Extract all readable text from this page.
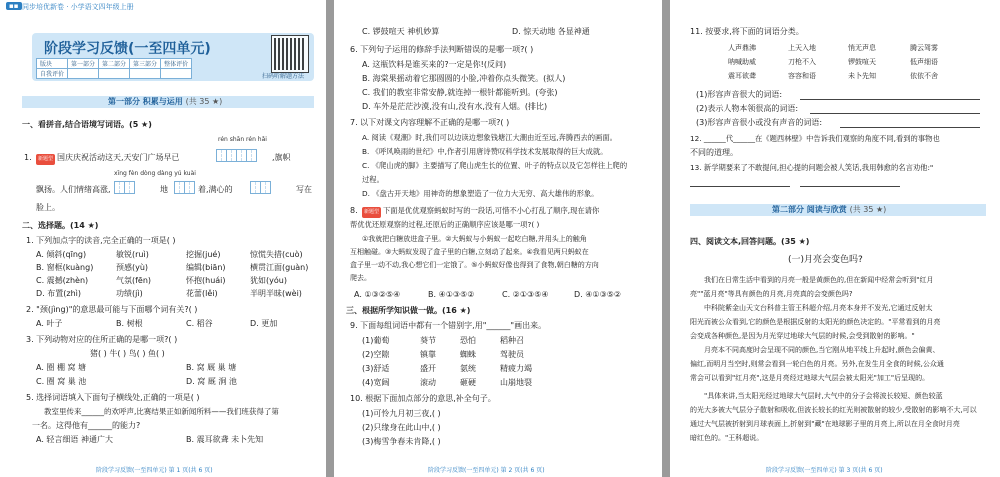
▪▪ 同步培优新卷 · 小学语文四年级上册
阶段学习反馈(一至四单元)
版块	第一部分	第二部分	第三部分	整体评价
自我评价					扫码听解题方法
第一部分 积累与运用 (共 35 ★)
一、看拼音,结合语境写词语。(5 ★)
1.	新题型 国庆庆祝活动这天,天安门广场早已
rén shān rén hǎi
,旗帜
xīng fèn dòng dàng yú kuài
飘扬。人们情绪高涨,	地	着,满心的	写在
脸上。
二、选择题。(14 ★)
1. 下列加点字的读音,完全正确的一项是( )
A. 倾斜(qīng)	敏锐(ruì)	挖掘(jué)	惊慌失措(cuò)
B. 窗框(kuàng)	预感(yù)	编辑(biān)	横贯江面(guàn)
C. 震撼(zhèn)	气氛(fēn)	怀抱(huái)	犹如(yóu)
D. 布置(zhì)	功绩(jì)	花蕾(lěi)	半明半昧(wèi)
2. "颈(jìng)"的意思最可能与下面哪个词有关?( )
A. 叶子	B. 树根	C. 稻谷	D. 更加
3. 下列动物对应的住所正确的是哪一项?( )
猪( ) 牛( ) 鸟( ) 鱼( )
A. 圈 棚 窝 塘	B. 窝 厩 巢 塘
C. 圈 窝 巢 池	D. 窝 厩 涧 池
5. 选择词语填入下面句子横线处,正确的一项是( )
教室里传来______的欢呼声,比赛结果正如新闻所料——我们班获得了第
一名。这得他有______的能力?
A. 轻言细语 神通广大	B. 震耳欲聋 未卜先知
阶段学习反馈(一至四单元) 第 1 页(共 6 页)
C. 锣鼓喧天 神机妙算	D. 惊天动地 各显神通
6. 下列句子运用的修辞手法判断错误的是哪一项?( )
A. 这瓶饮料是谁买来的?一定是你!(反问)
B. 海棠果摇动着它那圆圆的小脸,冲着你点头微笑。(拟人)
C. 我们的教室非常安静,就连掉一根针都能听到。(夸张)
D. 车外是茫茫沙漠,没有山,没有水,没有人烟。(排比)
7. 以下对课文内容理解不正确的是哪一项?( )
A. 阅读《观潮》时,我们可以边读边想象钱塘江大潮由近至远,奔腾西去的画面。
B. 《呼风唤雨的世纪》中,作者引用唐诗赞叹科学技术发展取得的巨大成就。
C. 《爬山虎的脚》主要描写了爬山虎生长的位置、叶子的特点以及它怎样往上爬的
过程。
D. 《盘古开天地》用神奇的想象塑造了一位力大无穷、高大雄伟的形象。
8.	新题型 下面是优优观察蚂蚁时写的一段话,可惜不小心打乱了顺序,现在请你
帮优优还原观察的过程,还原后的正确顺序应该是哪一项?( )
①我就把白糖放进盒子里。②大蚂蚁与小蚂蚁一起吃白糖,并用头上的触角
互相触碰。③大蚂蚁发现了盒子里的白糖,立刻动了起来。④我看见两只蚂蚁在
盒子里一动不动,我心想它们一定饿了。⑤小蚂蚁好像也得到了食物,朝白糖的方向
爬去。
A. ①③②⑤④	B. ④①③⑤②	C. ②①③⑤④	D. ④①③⑤②
三、根据所学知识做一做。(16 ★)
9. 下面每组词语中都有一个错别字,用"______"画出来。
(1)葡萄	葵节	恐怕	稻种召
(2)空隙	镇靠	蜘蛛	驾驶员
(3)舒适	盛开	氨统	精疲力竭
(4)宽阔	滚动	砸硬	山崩地裂
10. 根据下面加点部分的意思,补全句子。
(1)可怜九月初三夜,( )
(2)只缘身在此山中,( )
(3)梅雪争春未肯降,( )
阶段学习反馈(一至四单元) 第 2 页(共 6 页)
11. 按要求,将下面的词语分类。
人声鼎沸	上天入地	悄无声息	腾云驾雾
呐喊助威	刀枪不入	锣鼓喧天	低声细语
震耳欲聋	容容和语	未卜先知	依依不舍
(1)形容声音很大的词语:
(2)表示人物本领很高的词语:
(3)形容声音很小或没有声音的词语:
12. ______代______在《题西林壁》中告诉我们观察的角度不同,看到的事物也
不同的道理。
13. 新学期要来了不敢提问,担心提的问题会被人笑话,我用韩愈的名言劝他:"
第二部分 阅读与欣赏 (共 35 ★)
四、阅读文本,回答问题。(35 ★)
(一)月亮会变色吗?
我们在日常生活中看到的月亮一般是黄颜色的,但在新闻中经常会听到"红月
亮""蓝月亮"等具有颜色的月亮,月亮真的会变颜色吗?
中科院紫金山天文台科普主管王科超介绍,月亮本身并不发光,它通过反射太
阳光而被公众看到,它的颜色是根据反射的太阳光的颜色决定的。"平常看到的月亮
会变成各种颜色,是因为月光穿过地球大气层的时候,会受到散射的影响。"
月亮本不同高度时会呈现不同的颜色,当它刚从地平线上升起时,颜色会偏黄、
偏红,而明月当空时,则常会看到一轮白色的月亮。另外,在发生月全食的时候,公众通
常会可以看到"红月亮",这是月亮经过地球大气层会被太阳光"加工"后呈现的。
"具体来讲,当太阳光经过地球大气层时,大气中的分子会将波长较短、颜色较蓝
的光大多被大气层分子散射和吸收,但波长较长的红光则被散射的较少,受散射的影响不大,可以
通过大气层被折射到月球表面上,折射到"藏"在地球影子里的月亮上,所以在月全食时月亮
暗红色的。"王科超说。
阶段学习反馈(一至四单元) 第 3 页(共 6 页)
